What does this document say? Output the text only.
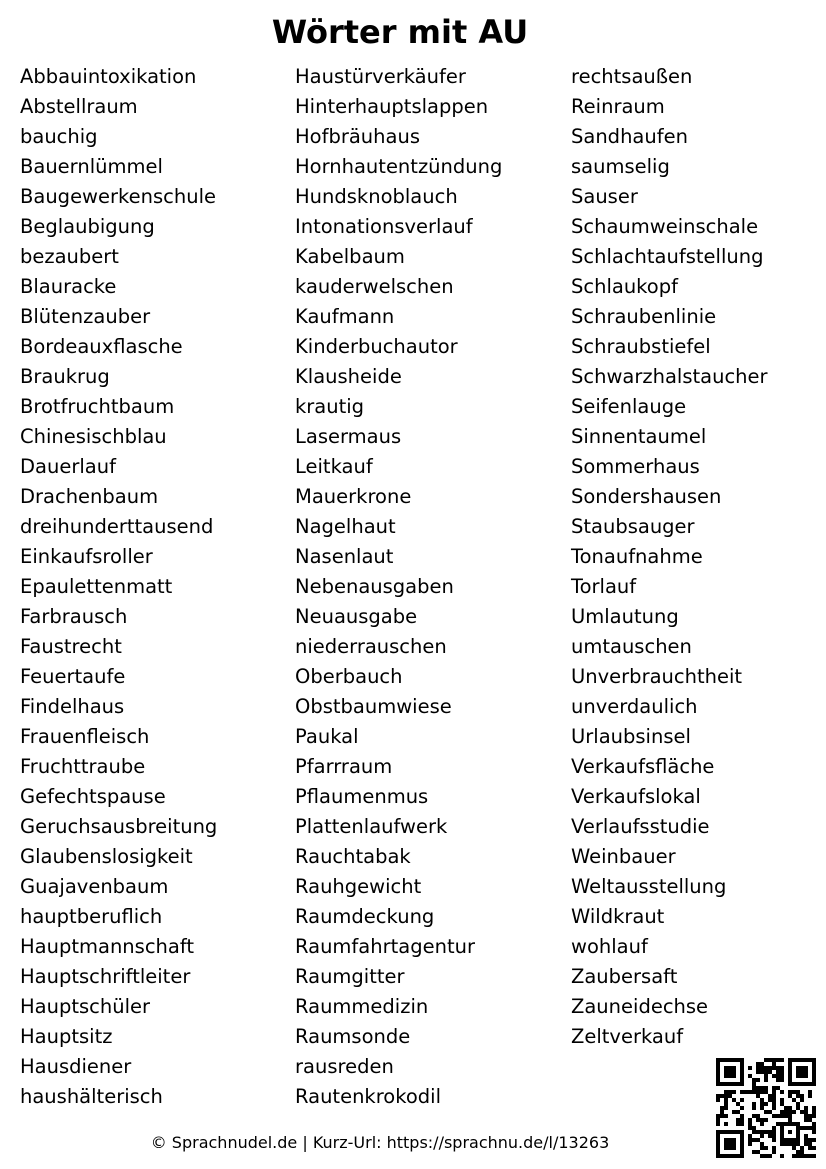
Wörter mit AU
Abbauintoxikation
Abstellraum
bauchig
Bauernlümmel
Baugewerkenschule
Beglaubigung
bezaubert
Blauracke
Blütenzauber
Bordeauxflasche
Braukrug
Brotfruchtbaum
Chinesischblau
Dauerlauf
Drachenbaum
dreihunderttausend
Einkaufsroller
Epaulettenmatt
Farbrausch
Faustrecht
Feuertaufe
Findelhaus
Frauenfleisch
Fruchttraube
Gefechtspause
Geruchsausbreitung
Glaubenslosigkeit
Guajavenbaum
hauptberuflich
Hauptmannschaft
Hauptschriftleiter
Hauptschüler
Hauptsitz
Hausdiener
haushälterisch
Haustürverkäufer
Hinterhauptslappen
Hofbräuhaus
Hornhautentzündung
Hundsknoblauch
Intonationsverlauf
Kabelbaum
kauderwelschen
Kaufmann
Kinderbuchautor
Klausheide
krautig
Lasermaus
Leitkauf
Mauerkrone
Nagelhaut
Nasenlaut
Nebenausgaben
Neuausgabe
niederrauschen
Oberbauch
Obstbaumwiese
Paukal
Pfarrraum
Pflaumenmus
Plattenlaufwerk
Rauchtabak
Rauhgewicht
Raumdeckung
Raumfahrtagentur
Raumgitter
Raummedizin
Raumsonde
rausreden
Rautenkrokodil
rechtsaußen
Reinraum
Sandhaufen
saumselig
Sauser
Schaumweinschale
Schlachtaufstellung
Schlaukopf
Schraubenlinie
Schraubstiefel
Schwarzhalstaucher
Seifenlauge
Sinnentaumel
Sommerhaus
Sondershausen
Staubsauger
Tonaufnahme
Torlauf
Umlautung
umtauschen
Unverbrauchtheit
unverdaulich
Urlaubsinsel
Verkaufsfläche
Verkaufslokal
Verlaufsstudie
Weinbauer
Weltausstellung
Wildkraut
wohlauf
Zaubersaft
Zauneidechse
Zeltverkauf
© Sprachnudel.de | Kurz-Url: https://sprachnu.de/l/13263
